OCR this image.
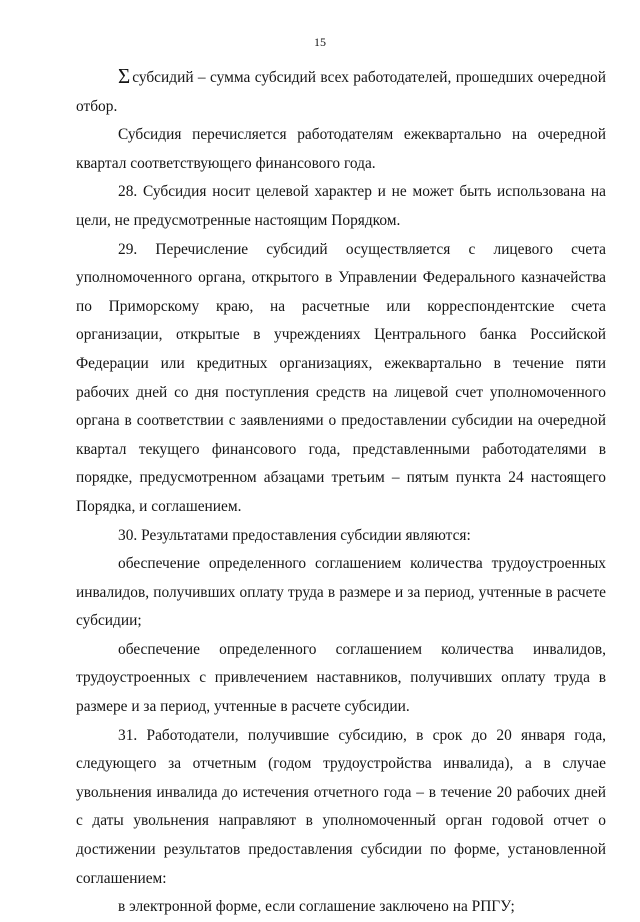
15

Σ субсидий – сумма субсидий всех работодателей, прошедших очередной отбор.

Субсидия перечисляется работодателям ежеквартально на очередной квартал соответствующего финансового года.

28. Субсидия носит целевой характер и не может быть использована на цели, не предусмотренные настоящим Порядком.

29. Перечисление субсидий осуществляется с лицевого счета уполномоченного органа, открытого в Управлении Федерального казначейства по Приморскому краю, на расчетные или корреспондентские счета организации, открытые в учреждениях Центрального банка Российской Федерации или кредитных организациях, ежеквартально в течение пяти рабочих дней со дня поступления средств на лицевой счет уполномоченного органа в соответствии с заявлениями о предоставлении субсидии на очередной квартал текущего финансового года, представленными работодателями в порядке, предусмотренном абзацами третьим – пятым пункта 24 настоящего Порядка, и соглашением.

30. Результатами предоставления субсидии являются:

обеспечение определенного соглашением количества трудоустроенных инвалидов, получивших оплату труда в размере и за период, учтенные в расчете субсидии;

обеспечение определенного соглашением количества инвалидов, трудоустроенных с привлечением наставников, получивших оплату труда в размере и за период, учтенные в расчете субсидии.

31. Работодатели, получившие субсидию, в срок до 20 января года, следующего за отчетным (годом трудоустройства инвалида), а в случае увольнения инвалида до истечения отчетного года – в течение 20 рабочих дней с даты увольнения направляют в уполномоченный орган годовой отчет о достижении результатов предоставления субсидии по форме, установленной соглашением:

в электронной форме, если соглашение заключено на РПГУ;
